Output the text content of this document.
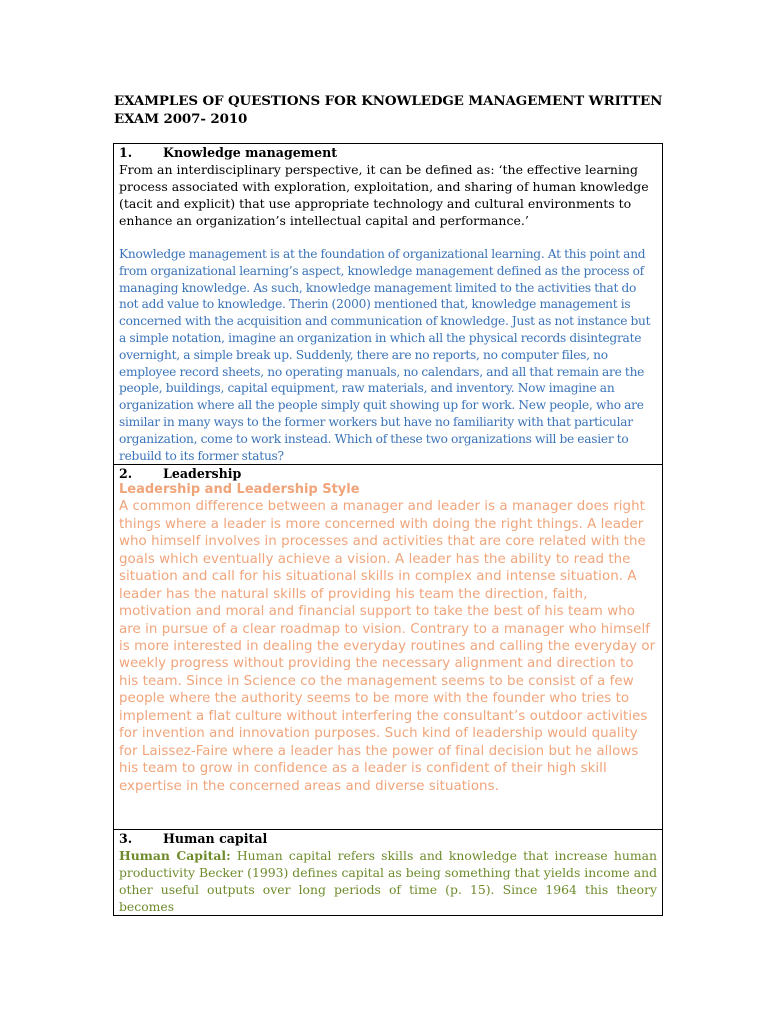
EXAMPLES OF QUESTIONS FOR KNOWLEDGE MANAGEMENT WRITTEN EXAM 2007- 2010
1. Knowledge management

From an interdisciplinary perspective, it can be defined as: ‘the effective learning process associated with exploration, exploitation, and sharing of human knowledge (tacit and explicit) that use appropriate technology and cultural environments to enhance an organization’s intellectual capital and performance.’

Knowledge management is at the foundation of organizational learning. At this point and from organizational learning’s aspect, knowledge management defined as the process of managing knowledge. As such, knowledge management limited to the activities that do not add value to knowledge. Therin (2000) mentioned that, knowledge management is concerned with the acquisition and communication of knowledge. Just as not instance but a simple notation, imagine an organization in which all the physical records disintegrate overnight, a simple break up. Suddenly, there are no reports, no computer files, no employee record sheets, no operating manuals, no calendars, and all that remain are the people, buildings, capital equipment, raw materials, and inventory. Now imagine an organization where all the people simply quit showing up for work. New people, who are similar in many ways to the former workers but have no familiarity with that particular organization, come to work instead. Which of these two organizations will be easier to rebuild to its former status?

2. Leadership

Leadership and Leadership Style

A common difference between a manager and leader is a manager does right things where a leader is more concerned with doing the right things. A leader who himself involves in processes and activities that are core related with the goals which eventually achieve a vision. A leader has the ability to read the situation and call for his situational skills in complex and intense situation. A leader has the natural skills of providing his team the direction, faith, motivation and moral and financial support to take the best of his team who are in pursue of a clear roadmap to vision. Contrary to a manager who himself is more interested in dealing the everyday routines and calling the everyday or weekly progress without providing the necessary alignment and direction to his team. Since in Science co the management seems to be consist of a few people where the authority seems to be more with the founder who tries to implement a flat culture without interfering the consultant’s outdoor activities for invention and innovation purposes. Such kind of leadership would quality for Laissez-Faire where a leader has the power of final decision but he allows his team to grow in confidence as a leader is confident of their high skill expertise in the concerned areas and diverse situations.

3. Human capital

Human Capital: Human capital refers skills and knowledge that increase human productivity Becker (1993) defines capital as being something that yields income and other useful outputs over long periods of time (p. 15). Since 1964 this theory becomes
